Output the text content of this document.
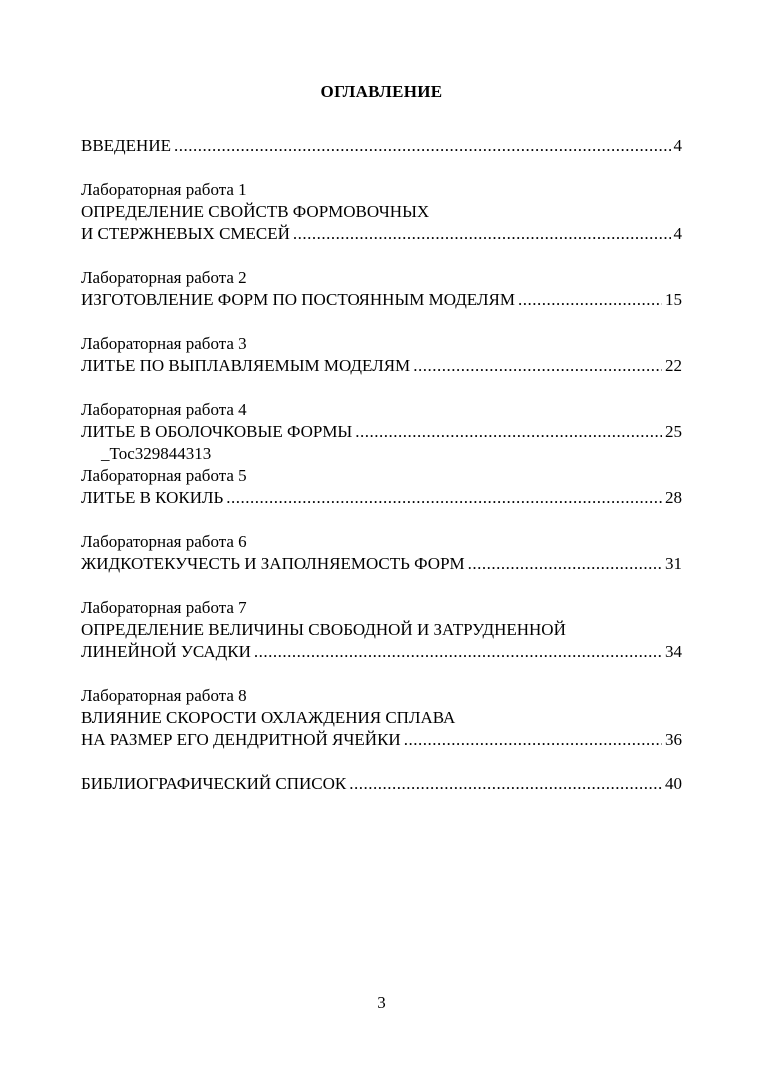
ОГЛАВЛЕНИЕ
ВВЕДЕНИЕ .....	4
Лабораторная работа 1
ОПРЕДЕЛЕНИЕ СВОЙСТВ ФОРМОВОЧНЫХ
И СТЕРЖНЕВЫХ СМЕСЕЙ .....	4
Лабораторная работа 2
ИЗГОТОВЛЕНИЕ ФОРМ ПО ПОСТОЯННЫМ МОДЕЛЯМ .....	15
Лабораторная работа 3
ЛИТЬЕ ПО ВЫПЛАВЛЯЕМЫМ МОДЕЛЯМ .....	22
Лабораторная работа 4
ЛИТЬЕ В ОБОЛОЧКОВЫЕ ФОРМЫ .....	25
_Toc329844313
Лабораторная работа 5
ЛИТЬЕ В КОКИЛЬ .....	28
Лабораторная работа 6
ЖИДКОТЕКУЧЕСТЬ И ЗАПОЛНЯЕМОСТЬ ФОРМ .....	31
Лабораторная работа 7
ОПРЕДЕЛЕНИЕ ВЕЛИЧИНЫ СВОБОДНОЙ И ЗАТРУДНЕННОЙ
ЛИНЕЙНОЙ УСАДКИ .....	34
Лабораторная работа 8
ВЛИЯНИЕ СКОРОСТИ ОХЛАЖДЕНИЯ СПЛАВА
НА РАЗМЕР ЕГО ДЕНДРИТНОЙ ЯЧЕЙКИ .....	36
БИБЛИОГРАФИЧЕСКИЙ СПИСОК .....	40
3
